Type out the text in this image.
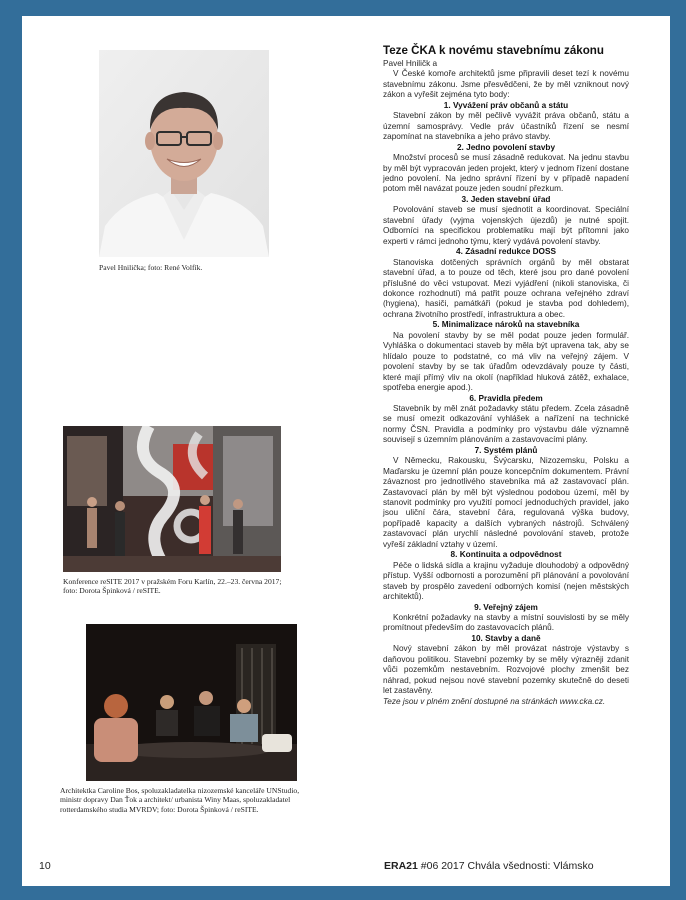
Pavel Hnilička; foto: René Volfík.
Konference reSITE 2017 v pražském Foru Karlín, 22.–23. června 2017; foto: Dorota Špinková / reSITE.
Architektka Caroline Bos, spoluzakladatelka nizozemské kanceláře UNStudio, ministr dopravy Dan Ťok a architekt/ urbanista Winy Maas, spoluzakladatel rotterdamského studia MVRDV; foto: Dorota Špinková / reSITE.
Teze ČKA k novému stavebnímu zákonu

Pavel Hniličk a

V České komoře architektů jsme připravili deset tezí k novému stavebnímu zákonu. Jsme přesvědčeni, že by měl vzniknout nový zákon a vyřešit zejména tyto body:

1. Vyvážení práv občanů a státu

Stavební zákon by měl pečlivě vyvážit práva občanů, státu a územní samosprávy. Vedle práv účastníků řízení se nesmí zapomínat na stavebníka a jeho právo stavby.

2. Jedno povolení stavby

Množství procesů se musí zásadně redukovat. Na jednu stavbu by měl být vypracován jeden projekt, který v jednom řízení dostane jedno povolení. Na jedno správní řízení by v případě napadení potom měl navázat pouze jeden soudní přezkum.

3. Jeden stavební úřad

Povolování staveb se musí sjednotit a koordinovat. Speciální stavební úřady (vyjma vojenských újezdů) je nutné spojit. Odborníci na specifickou problematiku mají být přítomni jako experti v rámci jednoho týmu, který vydává povolení stavby.

4. Zásadní redukce DOSS

Stanoviska dotčených správních orgánů by měl obstarat stavební úřad, a to pouze od těch, které jsou pro dané povolení příslušné do věci vstupovat. Mezi vyjádření (nikoli stanoviska, či dokonce rozhodnutí) má patřit pouze ochrana veřejného zdraví (hygiena), hasiči, památkáři (pokud je stavba pod dohledem), ochrana životního prostředí, infrastruktura a obec.

5. Minimalizace nároků na stavebníka

Na povolení stavby by se měl podat pouze jeden formulář. Vyhláška o dokumentaci staveb by měla být upravena tak, aby se hlídalo pouze to podstatné, co má vliv na veřejný zájem. V povolení stavby by se tak úřadům odevzdávaly pouze ty části, které mají přímý vliv na okolí (například hluková zátěž, exhalace, spotřeba energie apod.).

6. Pravidla předem

Stavebník by měl znát požadavky státu předem. Zcela zásadně se musí omezit odkazování vyhlášek a nařízení na technické normy ČSN. Pravidla a podmínky pro výstavbu dále významně souvisejí s územním plánováním a zastavovacími plány.

7. Systém plánů

V Německu, Rakousku, Švýcarsku, Nizozemsku, Polsku a Maďarsku je územní plán pouze koncepčním dokumentem. Právní závaznost pro jednotlivého stavebníka má až zastavovací plán. Zastavovací plán by měl být výslednou podobou území, měl by stanovit podmínky pro využití pomocí jednoduchých pravidel, jako jsou uliční čára, stavební čára, regulovaná výška budovy, popřípadě kapacity a dalších vybraných nástrojů. Schválený zastavovací plán urychlí následné povolování staveb, protože vyřeší základní vztahy v území.

8. Kontinuita a odpovědnost

Péče o lidská sídla a krajinu vyžaduje dlouhodobý a odpovědný přístup. Vyšší odbornosti a porozumění při plánování a povolování staveb by prospělo zavedení odborných komisí (nejen městských architektů).

9. Veřejný zájem

Konkrétní požadavky na stavby a místní souvislosti by se měly promítnout především do zastavovacích plánů.

10. Stavby a daně

Nový stavební zákon by měl provázat nástroje výstavby s daňovou politikou. Stavební pozemky by se měly výrazněji zdanit vůči pozemkům nestavebním. Rozvojové plochy zmenšit bez náhrad, pokud nejsou nové stavební pozemky skutečně do deseti let zastavěny.

Teze jsou v plném znění dostupné na stránkách www.cka.cz.

10	ERA21 #06 2017 Chvála všednosti: Vlámsko
